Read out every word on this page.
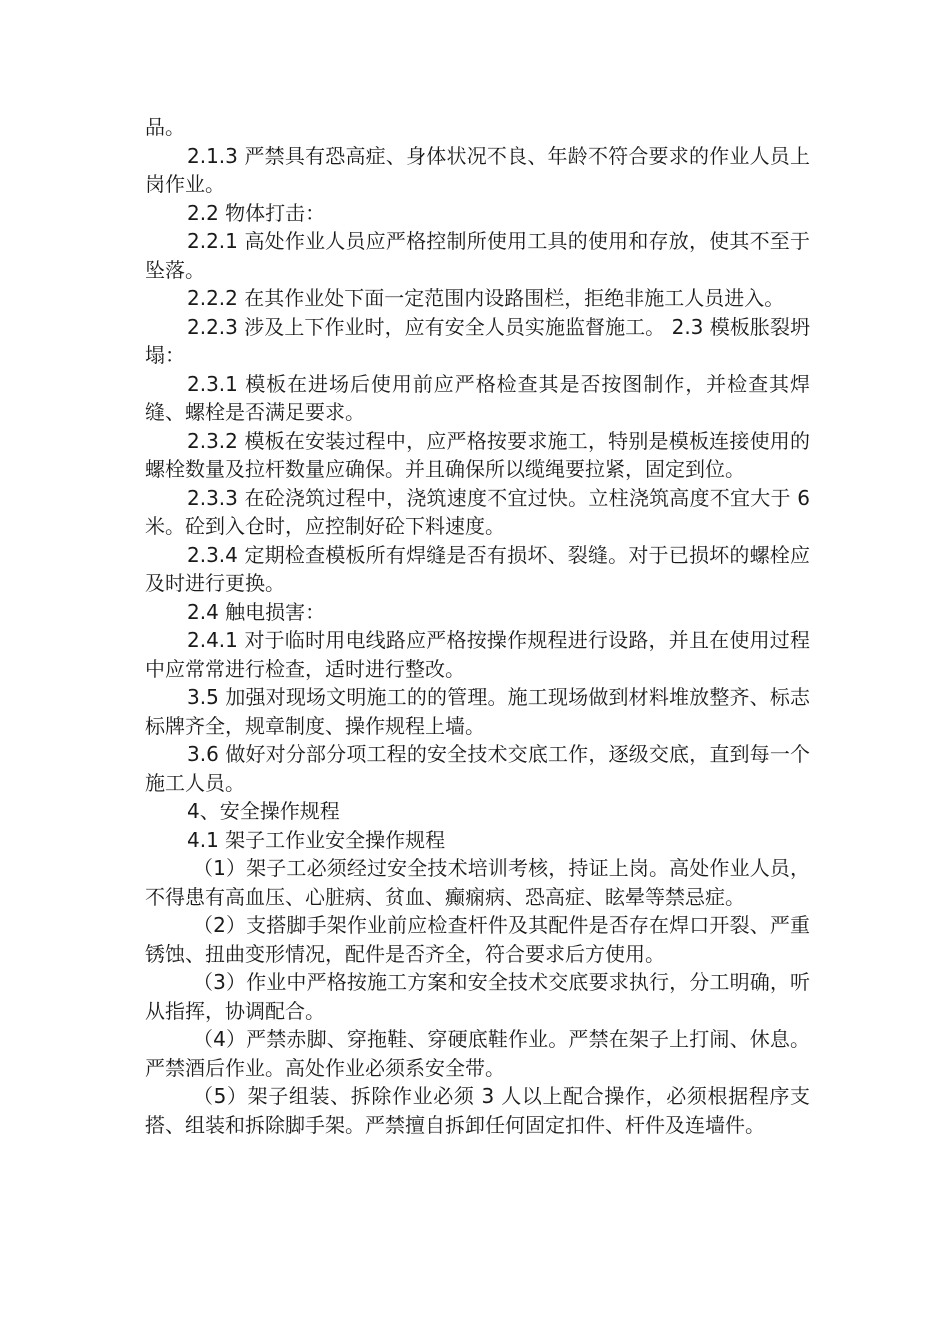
品。

2.1.3 严禁具有恐高症、身体状况不良、年龄不符合要求的作业人员上岗作业。

2.2 物体打击：

2.2.1 高处作业人员应严格控制所使用工具的使用和存放，使其不至于坠落。

2.2.2 在其作业处下面一定范围内设路围栏，拒绝非施工人员进入。

2.2.3 涉及上下作业时，应有安全人员实施监督施工。 2.3 模板胀裂坍塌：

2.3.1 模板在进场后使用前应严格检查其是否按图制作，并检查其焊缝、螺栓是否满足要求。

2.3.2 模板在安装过程中，应严格按要求施工，特别是模板连接使用的螺栓数量及拉杆数量应确保。并且确保所以缆绳要拉紧，固定到位。

2.3.3 在砼浇筑过程中，浇筑速度不宜过快。立柱浇筑高度不宜大于 6 米。砼到入仓时，应控制好砼下料速度。

2.3.4 定期检查模板所有焊缝是否有损坏、裂缝。对于已损坏的螺栓应及时进行更换。

2.4 触电损害：

2.4.1 对于临时用电线路应严格按操作规程进行设路，并且在使用过程中应常常进行检查，适时进行整改。

3.5 加强对现场文明施工的的管理。施工现场做到材料堆放整齐、标志标牌齐全，规章制度、操作规程上墙。

3.6 做好对分部分项工程的安全技术交底工作，逐级交底，直到每一个施工人员。

4、安全操作规程

4.1 架子工作业安全操作规程

（1）架子工必须经过安全技术培训考核，持证上岗。高处作业人员，不得患有高血压、心脏病、贫血、癫痫病、恐高症、眩晕等禁忌症。

（2）支搭脚手架作业前应检查杆件及其配件是否存在焊口开裂、严重锈蚀、扭曲变形情况，配件是否齐全，符合要求后方使用。

（3）作业中严格按施工方案和安全技术交底要求执行，分工明确，听从指挥，协调配合。

（4）严禁赤脚、穿拖鞋、穿硬底鞋作业。严禁在架子上打闹、休息。严禁酒后作业。高处作业必须系安全带。

（5）架子组装、拆除作业必须 3 人以上配合操作，必须根据程序支搭、组装和拆除脚手架。严禁擅自拆卸任何固定扣件、杆件及连墙件。
